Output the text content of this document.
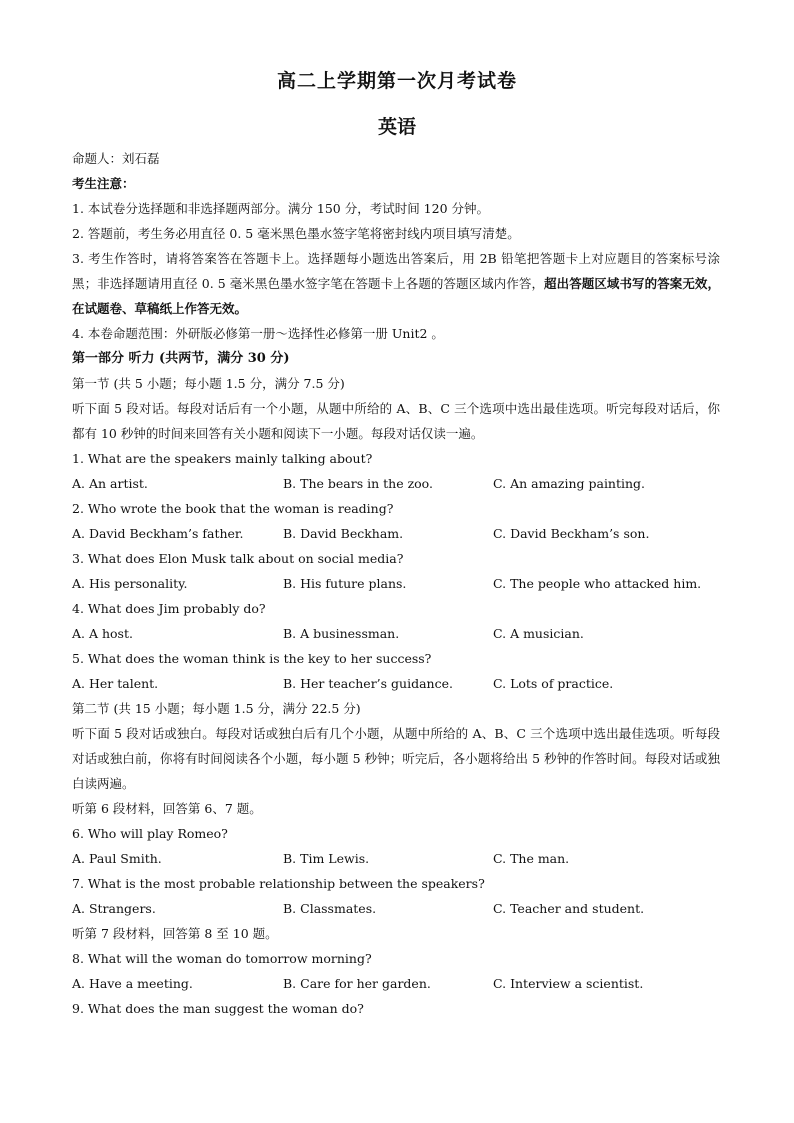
高二上学期第一次月考试卷
英语
命题人：刘石磊
考生注意：
1. 本试卷分选择题和非选择题两部分。满分 150 分，考试时间 120 分钟。
2. 答题前，考生务必用直径 0. 5 毫米黑色墨水签字笔将密封线内项目填写清楚。
3. 考生作答时，请将答案答在答题卡上。选择题每小题选出答案后，用 2B 铅笔把答题卡上对应题目的答案标号涂黑；非选择题请用直径 0. 5 毫米黑色墨水签字笔在答题卡上各题的答题区域内作答，超出答题区域书写的答案无效，在试题卷、草稿纸上作答无效。
4. 本卷命题范围：外研版必修第一册～选择性必修第一册 Unit2 。
第一部分 听力 (共两节，满分 30 分)
第一节 (共 5 小题；每小题 1.5 分，满分 7.5 分)
听下面 5 段对话。每段对话后有一个小题，从题中所给的 A、B、C 三个选项中选出最佳选项。听完每段对话后，你都有 10 秒钟的时间来回答有关小题和阅读下一小题。每段对话仅读一遍。
1. What are the speakers mainly talking about?
A. An artist.	B. The bears in the zoo.	C. An amazing painting.
2. Who wrote the book that the woman is reading?
A. David Beckham’s father.	B. David Beckham.	C. David Beckham’s son.
3. What does Elon Musk talk about on social media?
A. His personality.	B. His future plans.	C. The people who attacked him.
4. What does Jim probably do?
A. A host.	B. A businessman.	C. A musician.
5. What does the woman think is the key to her success?
A. Her talent.	B. Her teacher’s guidance.	C. Lots of practice.
第二节 (共 15 小题；每小题 1.5 分，满分 22.5 分)
听下面 5 段对话或独白。每段对话或独白后有几个小题，从题中所给的 A、B、C 三个选项中选出最佳选项。听每段对话或独白前，你将有时间阅读各个小题，每小题 5 秒钟；听完后，各小题将给出 5 秒钟的作答时间。每段对话或独白读两遍。
听第 6 段材料，回答第 6、7 题。
6. Who will play Romeo?
A. Paul Smith.	B. Tim Lewis.	C. The man.
7. What is the most probable relationship between the speakers?
A. Strangers.	B. Classmates.	C. Teacher and student.
听第 7 段材料，回答第 8 至 10 题。
8. What will the woman do tomorrow morning?
A. Have a meeting.	B. Care for her garden.	C. Interview a scientist.
9. What does the man suggest the woman do?
